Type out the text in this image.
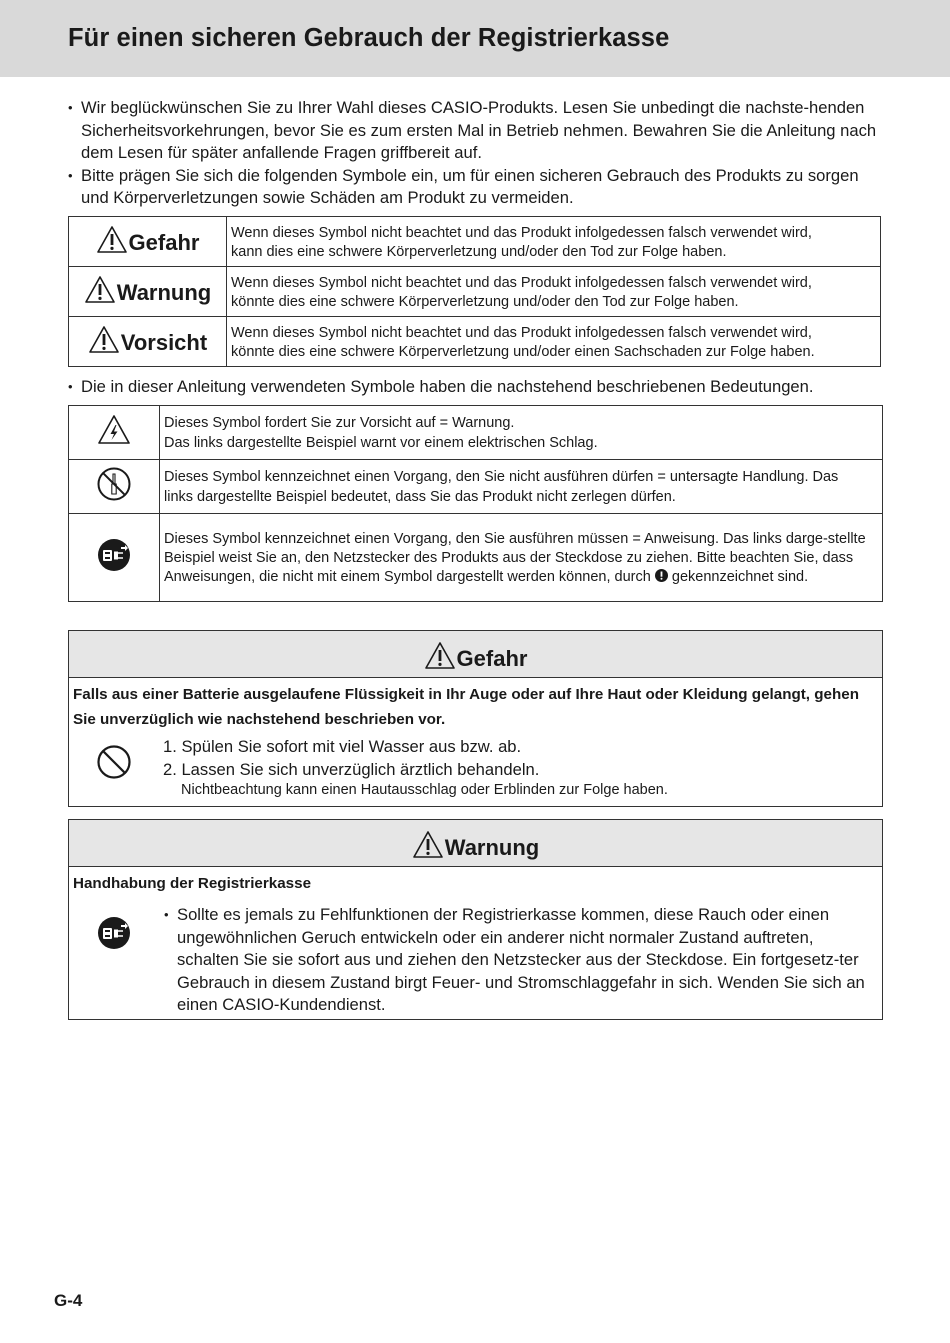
Für einen sicheren Gebrauch der Registrierkasse
• Wir beglückwünschen Sie zu Ihrer Wahl dieses CASIO-Produkts. Lesen Sie unbedingt die nachste-henden Sicherheitsvorkehrungen, bevor Sie es zum ersten Mal in Betrieb nehmen. Bewahren Sie die Anleitung nach dem Lesen für später anfallende Fragen griffbereit auf.
• Bitte prägen Sie sich die folgenden Symbole ein, um für einen sicheren Gebrauch des Produkts zu sorgen und Körperverletzungen sowie Schäden am Produkt zu vermeiden.
Gefahr	Wenn dieses Symbol nicht beachtet und das Produkt infolgedessen falsch verwendet wird,
kann dies eine schwere Körperverletzung und/oder den Tod zur Folge haben.

Warnung	Wenn dieses Symbol nicht beachtet und das Produkt infolgedessen falsch verwendet wird,
könnte dies eine schwere Körperverletzung und/oder den Tod zur Folge haben.

Vorsicht	Wenn dieses Symbol nicht beachtet und das Produkt infolgedessen falsch verwendet wird,
könnte dies eine schwere Körperverletzung und/oder einen Sachschaden zur Folge haben.
• Die in dieser Anleitung verwendeten Symbole haben die nachstehend beschriebenen Bedeutungen.
	Dieses Symbol fordert Sie zur Vorsicht auf = Warnung.
Das links dargestellte Beispiel warnt vor einem elektrischen Schlag.
	Dieses Symbol kennzeichnet einen Vorgang, den Sie nicht ausführen dürfen = untersagte Handlung. Das
links dargestellte Beispiel bedeutet, dass Sie das Produkt nicht zerlegen dürfen.
	Dieses Symbol kennzeichnet einen Vorgang, den Sie ausführen müssen = Anweisung. Das links darge-stellte Beispiel weist Sie an, den Netzstecker des Produkts aus der Steckdose zu ziehen. Bitte beachten Sie, dass Anweisungen, die nicht mit einem Symbol dargestellt werden können, durch gekennzeichnet sind.
Gefahr
Falls aus einer Batterie ausgelaufene Flüssigkeit in Ihr Auge oder auf Ihre Haut oder Kleidung gelangt, gehen Sie unverzüglich wie nachstehend beschrieben vor.
1. Spülen Sie sofort mit viel Wasser aus bzw. ab.
2. Lassen Sie sich unverzüglich ärztlich behandeln.
Nichtbeachtung kann einen Hautausschlag oder Erblinden zur Folge haben.
Warnung
Handhabung der Registrierkasse
• Sollte es jemals zu Fehlfunktionen der Registrierkasse kommen, diese Rauch oder einen ungewöhnlichen Geruch entwickeln oder ein anderer nicht normaler Zustand auftreten, schalten Sie sie sofort aus und ziehen den Netzstecker aus der Steckdose. Ein fortgesetz-ter Gebrauch in diesem Zustand birgt Feuer- und Stromschlaggefahr in sich. Wenden Sie sich an einen CASIO-Kundendienst.
G-4
